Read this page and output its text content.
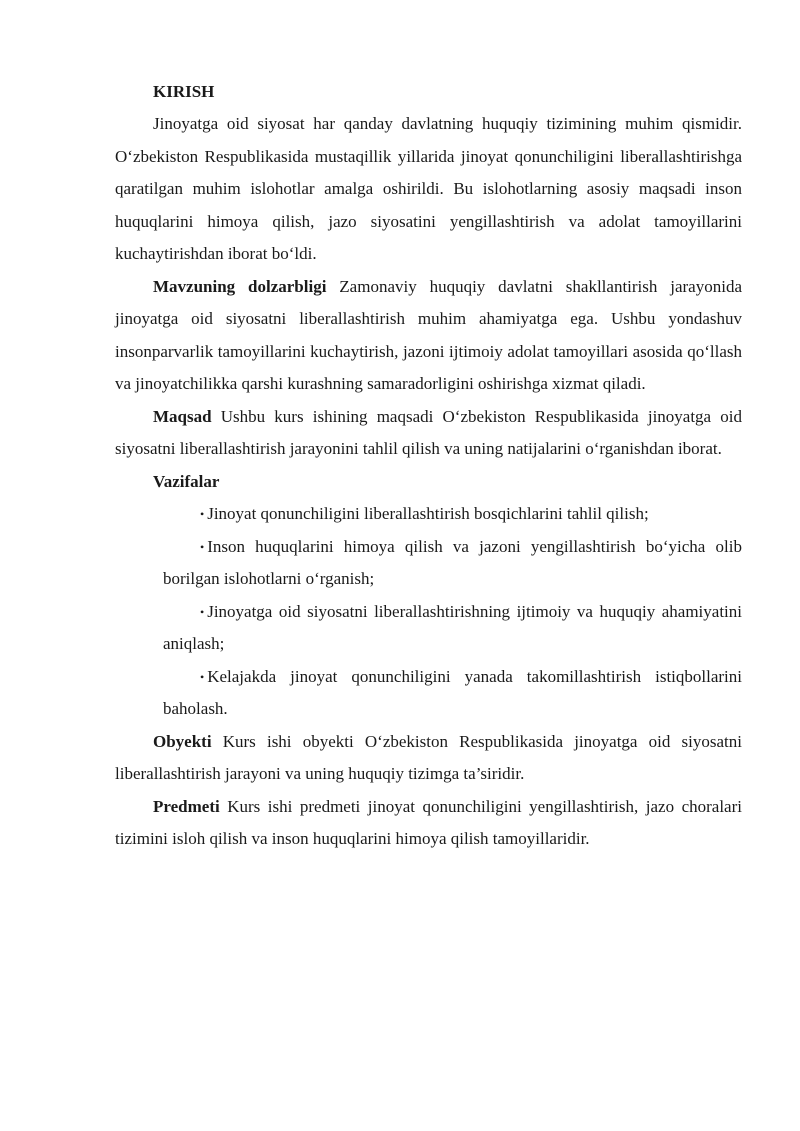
KIRISH

Jinoyatga oid siyosat har qanday davlatning huquqiy tizimining muhim qismidir. O‘zbekiston Respublikasida mustaqillik yillarida jinoyat qonunchiligini liberallashtirishga qaratilgan muhim islohotlar amalga oshirildi. Bu islohotlarning asosiy maqsadi inson huquqlarini himoya qilish, jazo siyosatini yengillashtirish va adolat tamoyillarini kuchaytirishdan iborat bo‘ldi.

Mavzuning dolzarbligi Zamonaviy huquqiy davlatni shakllantirish jarayonida jinoyatga oid siyosatni liberallashtirish muhim ahamiyatga ega. Ushbu yondashuv insonparvarlik tamoyillarini kuchaytirish, jazoni ijtimoiy adolat tamoyillari asosida qo‘llash va jinoyatchilikka qarshi kurashning samaradorligini oshirishga xizmat qiladi.

Maqsad Ushbu kurs ishining maqsadi O‘zbekiston Respublikasida jinoyatga oid siyosatni liberallashtirish jarayonini tahlil qilish va uning natijalarini o‘rganishdan iborat.

Vazifalar

• Jinoyat qonunchiligini liberallashtirish bosqichlarini tahlil qilish;
• Inson huquqlarini himoya qilish va jazoni yengillashtirish bo‘yicha olib borilgan islohotlarni o‘rganish;
• Jinoyatga oid siyosatni liberallashtirishning ijtimoiy va huquqiy ahamiyatini aniqlash;
• Kelajakda jinoyat qonunchiligini yanada takomillashtirish istiqbollarini baholash.

Obyekti Kurs ishi obyekti O‘zbekiston Respublikasida jinoyatga oid siyosatni liberallashtirish jarayoni va uning huquqiy tizimga ta’siridir.

Predmeti Kurs ishi predmeti jinoyat qonunchiligini yengillashtirish, jazo choralari tizimini isloh qilish va inson huquqlarini himoya qilish tamoyillaridir.
